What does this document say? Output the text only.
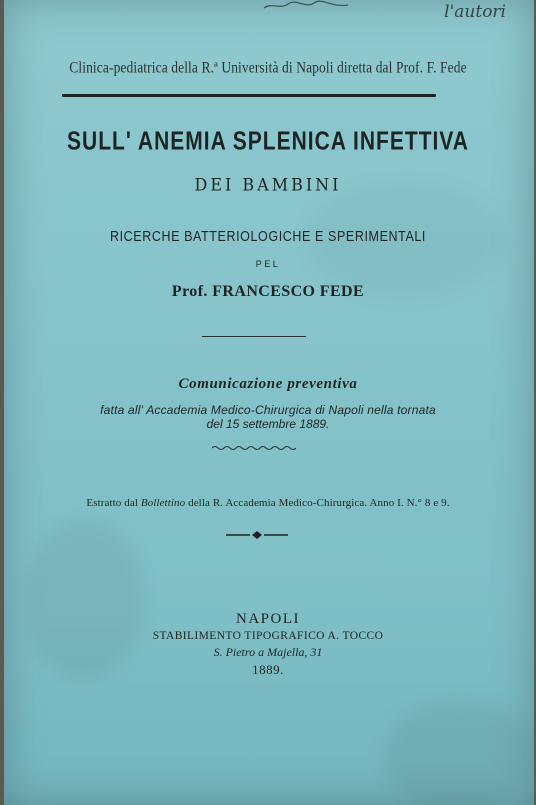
l'autori
Clinica-pediatrica della R.ª Università di Napoli diretta dal Prof. F. Fede
SULL' ANEMIA SPLENICA INFETTIVA
DEI BAMBINI
RICERCHE BATTERIOLOGICHE E SPERIMENTALI
PEL
Prof. FRANCESCO FEDE
Comunicazione preventiva
fatta all' Accademia Medico-Chirurgica di Napoli nella tornata
del 15 settembre 1889.
Estratto dal Bollettino della R. Accademia Medico-Chirurgica. Anno I. N.° 8 e 9.
NAPOLI
STABILIMENTO TIPOGRAFICO A. TOCCO
S. Pietro a Majella, 31
1889.
